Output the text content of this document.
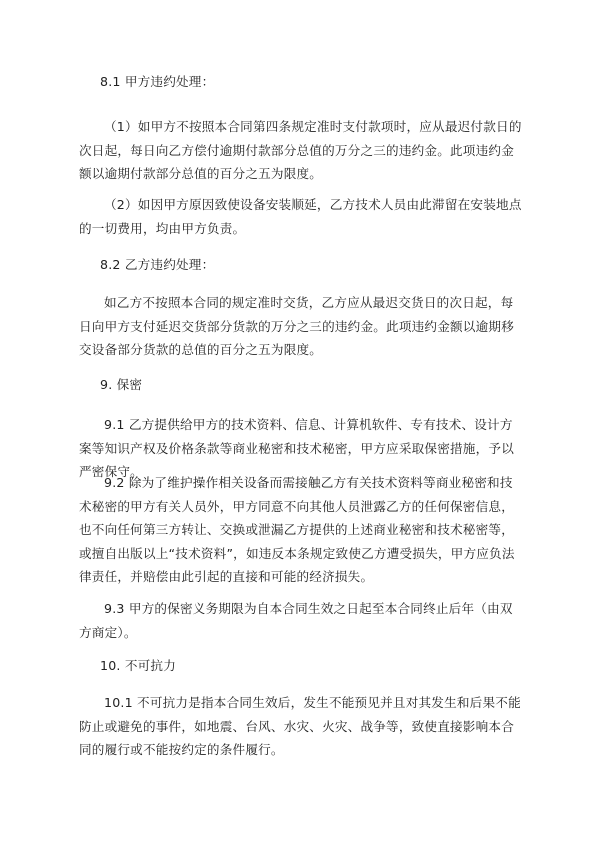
8.1 甲方违约处理：

（1）如甲方不按照本合同第四条规定准时支付款项时，应从最迟付款日的次日起，每日向乙方偿付逾期付款部分总值的万分之三的违约金。此项违约金额以逾期付款部分总值的百分之五为限度。

（2）如因甲方原因致使设备安装顺延，乙方技术人员由此滞留在安装地点的一切费用，均由甲方负责。

8.2 乙方违约处理：

如乙方不按照本合同的规定准时交货，乙方应从最迟交货日的次日起，每日向甲方支付延迟交货部分货款的万分之三的违约金。此项违约金额以逾期移交设备部分货款的总值的百分之五为限度。

9. 保密

9.1 乙方提供给甲方的技术资料、信息、计算机软件、专有技术、设计方案等知识产权及价格条款等商业秘密和技术秘密，甲方应采取保密措施，予以严密保守。

9.2 除为了维护操作相关设备而需接触乙方有关技术资料等商业秘密和技术秘密的甲方有关人员外，甲方同意不向其他人员泄露乙方的任何保密信息，也不向任何第三方转让、交换或泄漏乙方提供的上述商业秘密和技术秘密等，或擅自出版以上“技术资料”，如违反本条规定致使乙方遭受损失，甲方应负法律责任，并赔偿由此引起的直接和可能的经济损失。

9.3 甲方的保密义务期限为自本合同生效之日起至本合同终止后年（由双方商定）。

10. 不可抗力

10.1 不可抗力是指本合同生效后，发生不能预见并且对其发生和后果不能防止或避免的事件，如地震、台风、水灾、火灾、战争等，致使直接影响本合同的履行或不能按约定的条件履行。
